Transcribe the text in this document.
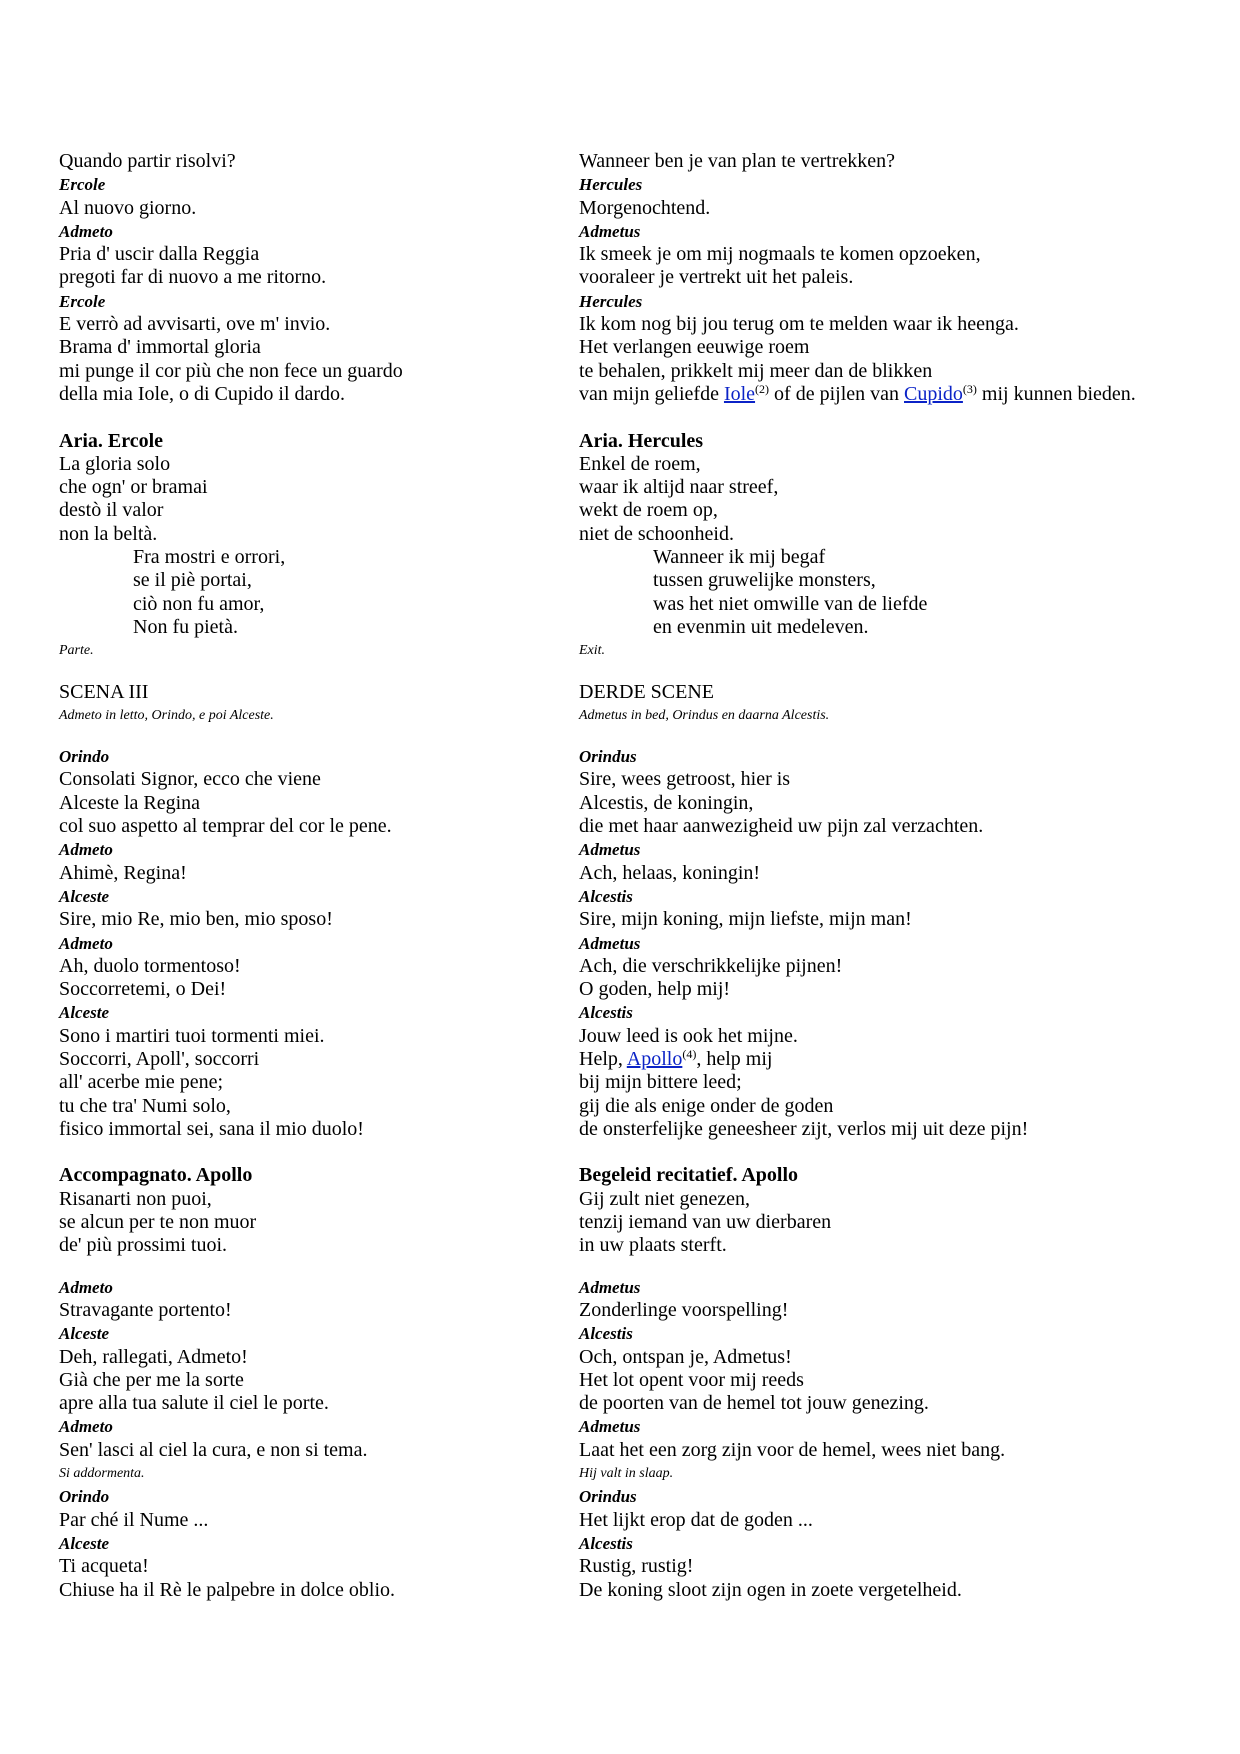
Quando partir risolvi?
Ercole
Al nuovo giorno.
Admeto
Pria d' uscir dalla Reggia
pregoti far di nuovo a me ritorno.
Ercole
E verrò ad avvisarti, ove m' invio.
Brama d' immortal gloria
mi punge il cor più che non fece un guardo
della mia Iole, o di Cupido il dardo.
Aria. Ercole
La gloria solo
che ogn' or bramai
destò il valor
non la beltà.
Fra mostri e orrori,
se il piè portai,
ciò non fu amor,
Non fu pietà.
Parte.
SCENA III
Admeto in letto, Orindo, e poi Alceste.
Orindo
Consolati Signor, ecco che viene
Alceste la Regina
col suo aspetto al temprar del cor le pene.
Admeto
Ahimè, Regina!
Alceste
Sire, mio Re, mio ben, mio sposo!
Admeto
Ah, duolo tormentoso!
Soccorretemi, o Dei!
Alceste
Sono i martiri tuoi tormenti miei.
Soccorri, Apoll', soccorri
all' acerbe mie pene;
tu che tra' Numi solo,
fisico immortal sei, sana il mio duolo!
Accompagnato. Apollo
Risanarti non puoi,
se alcun per te non muor
de' più prossimi tuoi.
Admeto
Stravagante portento!
Alceste
Deh, rallegati, Admeto!
Già che per me la sorte
apre alla tua salute il ciel le porte.
Admeto
Sen' lasci al ciel la cura, e non si tema.
Si addormenta.
Orindo
Par ché il Nume ...
Alceste
Ti acqueta!
Chiuse ha il Rè le palpebre in dolce oblio.
Wanneer ben je van plan te vertrekken?
Hercules
Morgenochtend.
Admetus
Ik smeek je om mij nogmaals te komen opzoeken,
vooraleer je vertrekt uit het paleis.
Hercules
Ik kom nog bij jou terug om te melden waar ik heenga.
Het verlangen eeuwige roem
te behalen, prikkelt mij meer dan de blikken
van mijn geliefde Iole$^{(2)}$ of de pijlen van Cupido$^{(3)}$ mij kunnen bieden.
Aria. Hercules
Enkel de roem,
waar ik altijd naar streef,
wekt de roem op,
niet de schoonheid.
Wanneer ik mij begaf
tussen gruwelijke monsters,
was het niet omwille van de liefde
en evenmin uit medeleven.
Exit.
DERDE SCENE
Admetus in bed, Orindus en daarna Alcestis.
Orindus
Sire, wees getroost, hier is
Alcestis, de koningin,
die met haar aanwezigheid uw pijn zal verzachten.
Admetus
Ach, helaas, koningin!
Alcestis
Sire, mijn koning, mijn liefste, mijn man!
Admetus
Ach, die verschrikkelijke pijnen!
O goden, help mij!
Alcestis
Jouw leed is ook het mijne.
Help, Apollo$^{(4)}$, help mij
bij mijn bittere leed;
gij die als enige onder de goden
de onsterfelijke geneesheer zijt, verlos mij uit deze pijn!
Begeleid recitatief. Apollo
Gij zult niet genezen,
tenzij iemand van uw dierbaren
in uw plaats sterft.
Admetus
Zonderlinge voorspelling!
Alcestis
Och, ontspan je, Admetus!
Het lot opent voor mij reeds
de poorten van de hemel tot jouw genezing.
Admetus
Laat het een zorg zijn voor de hemel, wees niet bang.
Hij valt in slaap.
Orindus
Het lijkt erop dat de goden ...
Alcestis
Rustig, rustig!
De koning sloot zijn ogen in zoete vergetelheid.
